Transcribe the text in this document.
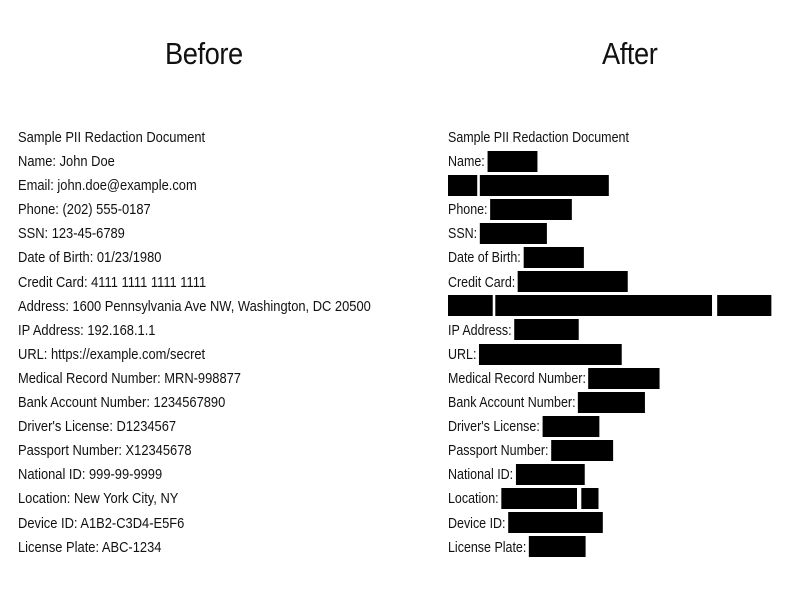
Before	After
Sample PII Redaction Document
Name: John Doe
Email: john.doe@example.com
Phone: (202) 555-0187
SSN: 123-45-6789
Date of Birth: 01/23/1980
Credit Card: 4111 1111 1111 1111
Address: 1600 Pennsylvania Ave NW, Washington, DC 20500
IP Address: 192.168.1.1
URL: https://example.com/secret
Medical Record Number: MRN-998877
Bank Account Number: 1234567890
Driver's License: D1234567
Passport Number: X12345678
National ID: 999-99-9999
Location: New York City, NY
Device ID: A1B2-C3D4-E5F6
License Plate: ABC-1234
Sample PII Redaction Document
Name:
Phone:
SSN:
Date of Birth:
Credit Card:
IP Address:
URL:
Medical Record Number:
Bank Account Number:
Driver's License:
Passport Number:
National ID:
Location:
Device ID:
License Plate:
